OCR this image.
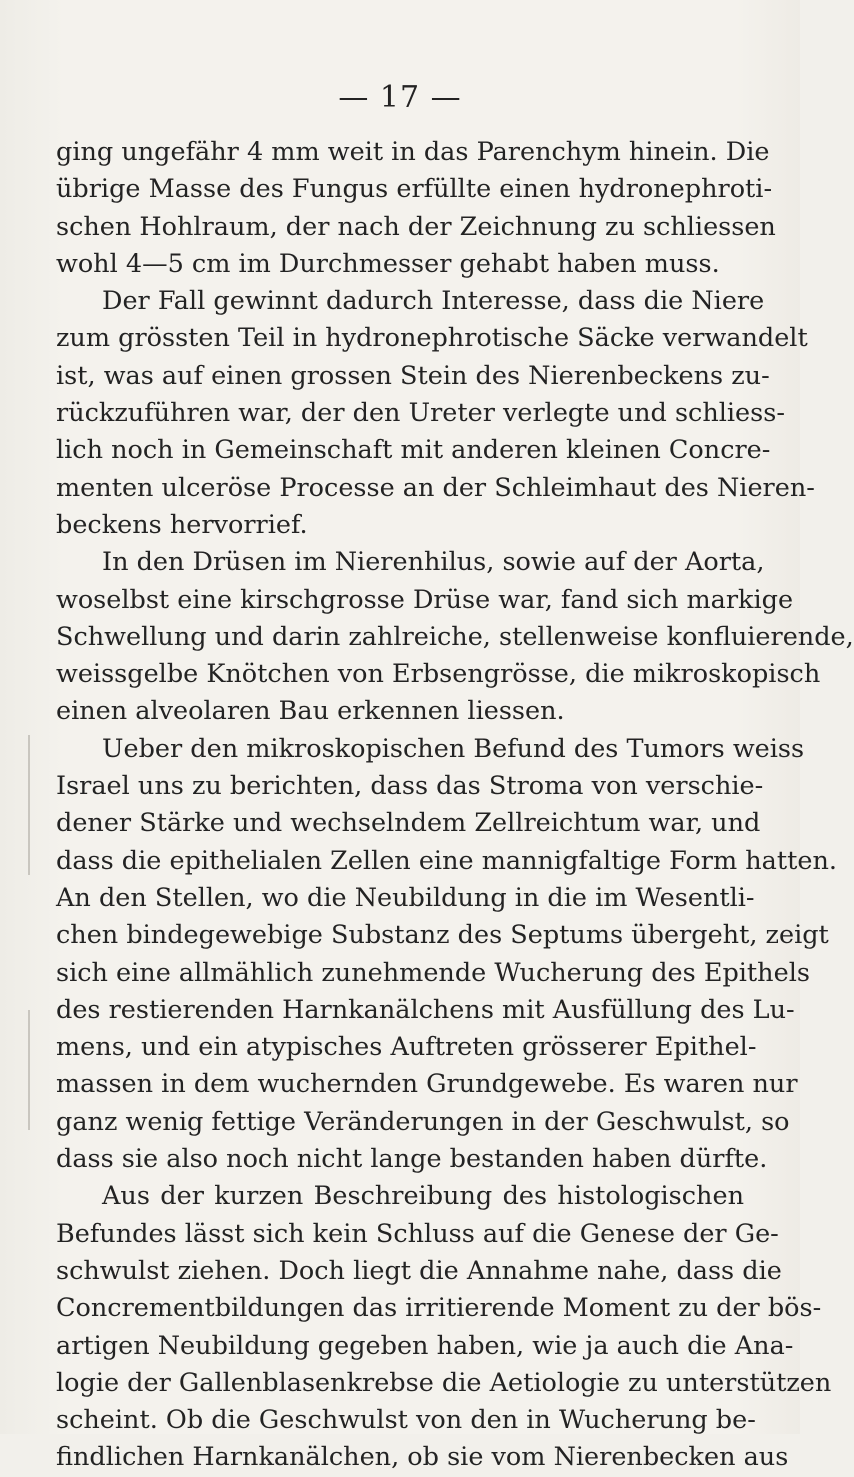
— 17 —
ging ungefähr 4 mm weit in das Parenchym hinein. Die
übrige Masse des Fungus erfüllte einen hydronephroti-
schen Hohlraum, der nach der Zeichnung zu schliessen
wohl 4—5 cm im Durchmesser gehabt haben muss.
Der Fall gewinnt dadurch Interesse, dass die Niere
zum grössten Teil in hydronephrotische Säcke verwandelt
ist, was auf einen grossen Stein des Nierenbeckens zu-
rückzuführen war, der den Ureter verlegte und schliess-
lich noch in Gemeinschaft mit anderen kleinen Concre-
menten ulceröse Processe an der Schleimhaut des Nieren-
beckens hervorrief.
In den Drüsen im Nierenhilus, sowie auf der Aorta,
woselbst eine kirschgrosse Drüse war, fand sich markige
Schwellung und darin zahlreiche, stellenweise konfluierende,
weissgelbe Knötchen von Erbsengrösse, die mikroskopisch
einen alveolaren Bau erkennen liessen.
Ueber den mikroskopischen Befund des Tumors weiss
Israel uns zu berichten, dass das Stroma von verschie-
dener Stärke und wechselndem Zellreichtum war, und
dass die epithelialen Zellen eine mannigfaltige Form hatten.
An den Stellen, wo die Neubildung in die im Wesentli-
chen bindegewebige Substanz des Septums übergeht, zeigt
sich eine allmählich zunehmende Wucherung des Epithels
des restierenden Harnkanälchens mit Ausfüllung des Lu-
mens, und ein atypisches Auftreten grösserer Epithel-
massen in dem wuchernden Grundgewebe. Es waren nur
ganz wenig fettige Veränderungen in der Geschwulst, so
dass sie also noch nicht lange bestanden haben dürfte.
Aus der kurzen Beschreibung des histologischen
Befundes lässt sich kein Schluss auf die Genese der Ge-
schwulst ziehen. Doch liegt die Annahme nahe, dass die
Concrementbildungen das irritierende Moment zu der bös-
artigen Neubildung gegeben haben, wie ja auch die Ana-
logie der Gallenblasenkrebse die Aetiologie zu unterstützen
scheint. Ob die Geschwulst von den in Wucherung be-
findlichen Harnkanälchen, ob sie vom Nierenbecken aus
